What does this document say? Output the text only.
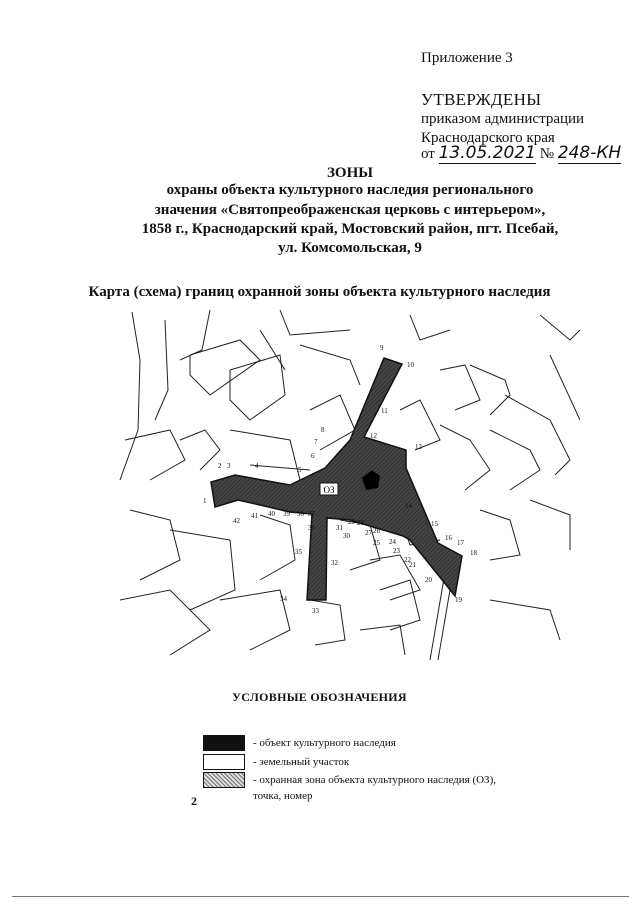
Приложение 3
УТВЕРЖДЕНЫ
приказом администрации
Краснодарского края
от 13.05.2021 № 248-КН
ЗОНЫ
охраны объекта культурного наследия регионального
значения «Святопреображенская церковь с интерьером»,
1858 г., Краснодарский край, Мостовский район, пгт. Псебай,
ул. Комсомольская, 9
Карта (схема) границ охранной зоны объекта культурного наследия
ОЗ
1
2 3	4	5
6
7
8
9
10
11
12
13
14
15
16
17
18
19
20
21
22
23
24
25
26
27
28
29
30
31
32
33
34
35
36
37
38
39
40
41
42
УСЛОВНЫЕ ОБОЗНАЧЕНИЯ
- объект культурного наследия
- земельный участок
- охранная зона объекта культурного наследия (ОЗ),
точка, номер
2
